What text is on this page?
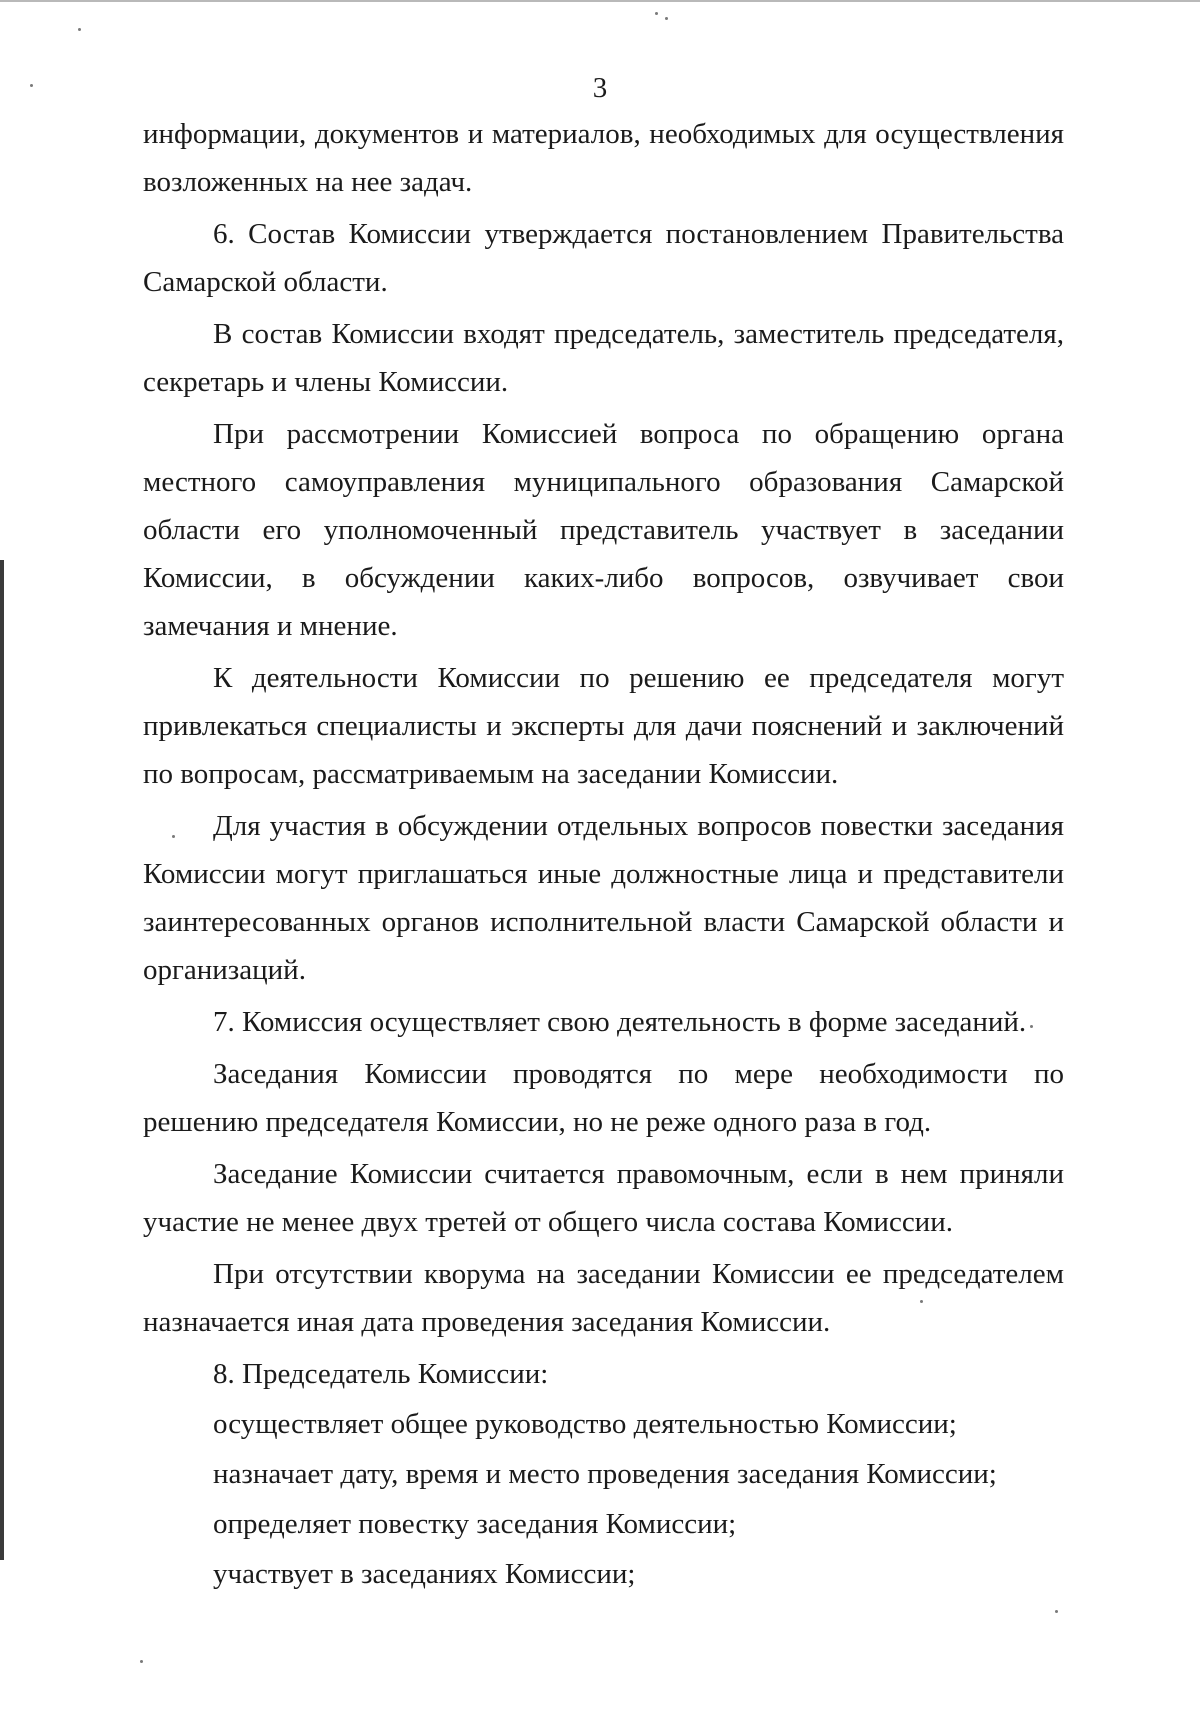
3

информации, документов и материалов, необходимых для осуществления возложенных на нее задач.

6. Состав Комиссии утверждается постановлением Правительства Самарской области.

В состав Комиссии входят председатель, заместитель председателя, секретарь и члены Комиссии.

При рассмотрении Комиссией вопроса по обращению органа местного самоуправления муниципального образования Самарской области его уполномоченный представитель участвует в заседании Комиссии, в обсуждении каких-либо вопросов, озвучивает свои замечания и мнение.

К деятельности Комиссии по решению ее председателя могут привлекаться специалисты и эксперты для дачи пояснений и заключений по вопросам, рассматриваемым на заседании Комиссии.

Для участия в обсуждении отдельных вопросов повестки заседания Комиссии могут приглашаться иные должностные лица и представители заинтересованных органов исполнительной власти Самарской области и организаций.

7. Комиссия осуществляет свою деятельность в форме заседаний.

Заседания Комиссии проводятся по мере необходимости по решению председателя Комиссии, но не реже одного раза в год.

Заседание Комиссии считается правомочным, если в нем приняли участие не менее двух третей от общего числа состава Комиссии.

При отсутствии кворума на заседании Комиссии ее председателем назначается иная дата проведения заседания Комиссии.

8. Председатель Комиссии:

осуществляет общее руководство деятельностью Комиссии;

назначает дату, время и место проведения заседания Комиссии;

определяет повестку заседания Комиссии;

участвует в заседаниях Комиссии;
